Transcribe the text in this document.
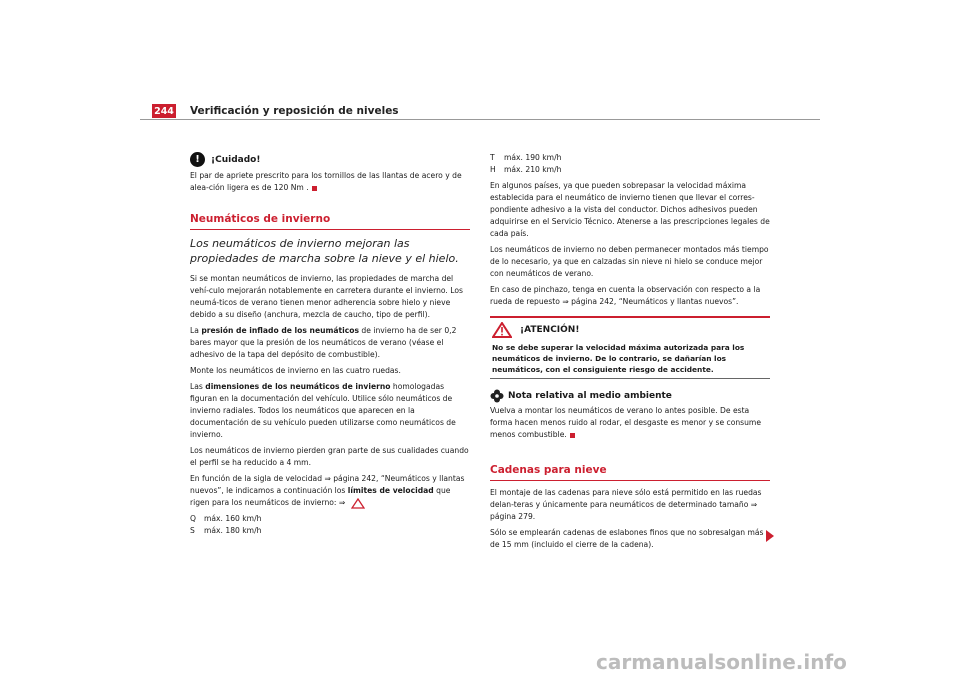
244 Verificación y reposición de niveles
!	¡Cuidado!

El par de apriete prescrito para los tornillos de las llantas de acero y de alea-ción ligera es de 120 Nm .

Neumáticos de invierno

Los neumáticos de invierno mejoran las propiedades de marcha sobre la nieve y el hielo.

Si se montan neumáticos de invierno, las propiedades de marcha del vehí-culo mejorarán notablemente en carretera durante el invierno. Los neumá-ticos de verano tienen menor adherencia sobre hielo y nieve debido a su diseño (anchura, mezcla de caucho, tipo de perfil).

La presión de inflado de los neumáticos de invierno ha de ser 0,2 bares mayor que la presión de los neumáticos de verano (véase el adhesivo de la tapa del depósito de combustible).

Monte los neumáticos de invierno en las cuatro ruedas.

Las dimensiones de los neumáticos de invierno homologadas figuran en la documentación del vehículo. Utilice sólo neumáticos de invierno radiales. Todos los neumáticos que aparecen en la documentación de su vehículo pueden utilizarse como neumáticos de invierno.

Los neumáticos de invierno pierden gran parte de sus cualidades cuando el perfil se ha reducido a 4 mm.

En función de la sigla de velocidad ⇒ página 242, “Neumáticos y llantas nuevos”, le indicamos a continuación los límites de velocidad que rigen para los neumáticos de invierno: ⇒

Q	máx. 160 km/h
S	máx. 180 km/h
T	máx. 190 km/h
H	máx. 210 km/h

En algunos países, ya que pueden sobrepasar la velocidad máxima establecida para el neumático de invierno tienen que llevar el corres-pondiente adhesivo a la vista del conductor. Dichos adhesivos pueden adquirirse en el Servicio Técnico. Atenerse a las prescripciones legales de cada país.

Los neumáticos de invierno no deben permanecer montados más tiempo de lo necesario, ya que en calzadas sin nieve ni hielo se conduce mejor con neumáticos de verano.

En caso de pinchazo, tenga en cuenta la observación con respecto a la rueda de repuesto ⇒ página 242, “Neumáticos y llantas nuevos”.

¡ATENCIÓN!
No se debe superar la velocidad máxima autorizada para los neumáticos de invierno. De lo contrario, se dañarían los neumáticos, con el consiguiente riesgo de accidente.
Nota relativa al medio ambiente

Vuelva a montar los neumáticos de verano lo antes posible. De esta forma hacen menos ruido al rodar, el desgaste es menor y se consume menos combustible.

Cadenas para nieve

El montaje de las cadenas para nieve sólo está permitido en las ruedas delan-teras y únicamente para neumáticos de determinado tamaño ⇒ página 279.

Sólo se emplearán cadenas de eslabones finos que no sobresalgan más de 15 mm (incluido el cierre de la cadena).

carmanualsonline.info
